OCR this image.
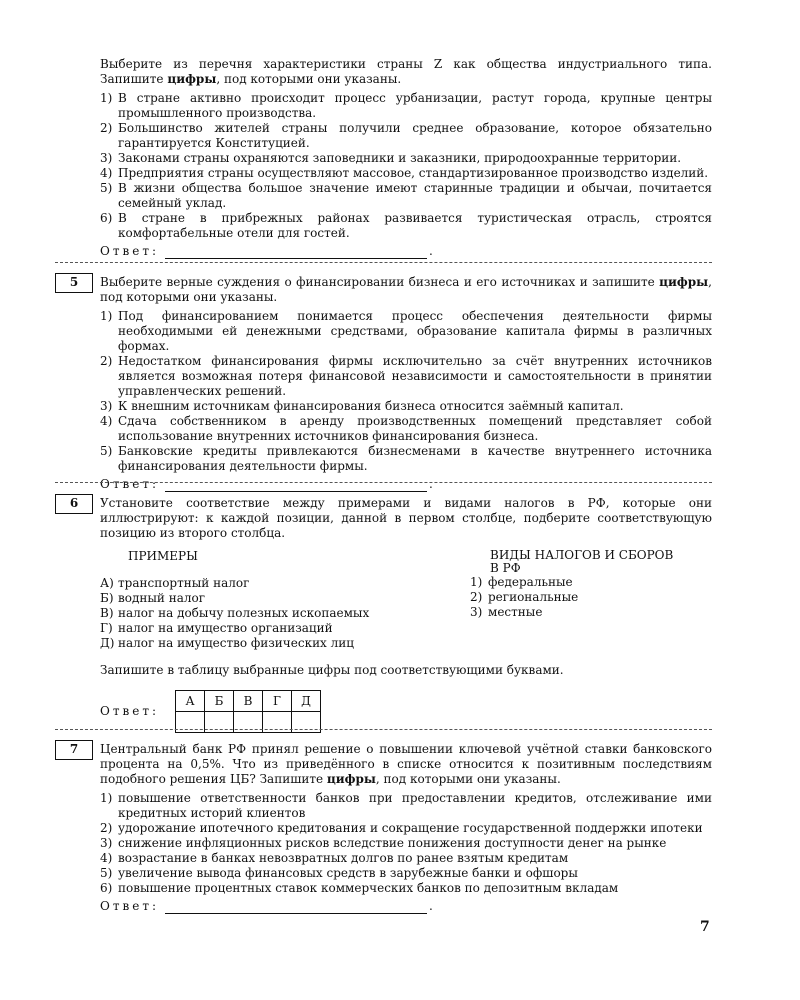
Выберите из перечня характеристики страны Z как общества индустриального типа. Запишите цифры, под которыми они указаны.

1) В стране активно происходит процесс урбанизации, растут города, крупные центры промышленного производства.
2) Большинство жителей страны получили среднее образование, которое обязательно гарантируется Конституцией.
3) Законами страны охраняются заповедники и заказники, природоохранные территории.
4) Предприятия страны осуществляют массовое, стандартизированное производство изделий.
5) В жизни общества большое значение имеют старинные традиции и обычаи, почитается семейный уклад.
6) В стране в прибрежных районах развивается туристическая отрасль, строятся комфортабельные отели для гостей.
Ответ:	.
5	Выберите верные суждения о финансировании бизнеса и его источниках и запишите цифры, под которыми они указаны.

1) Под финансированием понимается процесс обеспечения деятельности фирмы необходимыми ей денежными средствами, образование капитала фирмы в различных формах.
2) Недостатком финансирования фирмы исключительно за счёт внутренних источников является возможная потеря финансовой независимости и самостоятельности в принятии управленческих решений.
3) К внешним источникам финансирования бизнеса относится заёмный капитал.
4) Сдача собственником в аренду производственных помещений представляет собой использование внутренних источников финансирования бизнеса.
5) Банковские кредиты привлекаются бизнесменами в качестве внутреннего источника финансирования деятельности фирмы.
Ответ:	.
6	Установите соответствие между примерами и видами налогов в РФ, которые они иллюстрируют: к каждой позиции, данной в первом столбце, подберите соответствующую позицию из второго столбца.

ПРИМЕРЫ
А) транспортный налог
Б) водный налог
В) налог на добычу полезных ископаемых
Г) налог на имущество организаций
Д) налог на имущество физических лиц
ВИДЫ НАЛОГОВ И СБОРОВ
В РФ
1) федеральные
2) региональные
3) местные

Запишите в таблицу выбранные цифры под соответствующими буквами.

Ответ:
А	Б	В	Г	Д

7	Центральный банк РФ принял решение о повышении ключевой учётной ставки банковского процента на 0,5%. Что из приведённого в списке относится к позитивным последствиям подобного решения ЦБ? Запишите цифры, под которыми они указаны.

1) повышение ответственности банков при предоставлении кредитов, отслеживание ими кредитных историй клиентов
2) удорожание ипотечного кредитования и сокращение государственной поддержки ипотеки
3) снижение инфляционных рисков вследствие понижения доступности денег на рынке
4) возрастание в банках невозвратных долгов по ранее взятым кредитам
5) увеличение вывода финансовых средств в зарубежные банки и офшоры
6) повышение процентных ставок коммерческих банков по депозитным вкладам
Ответ:	.
7
